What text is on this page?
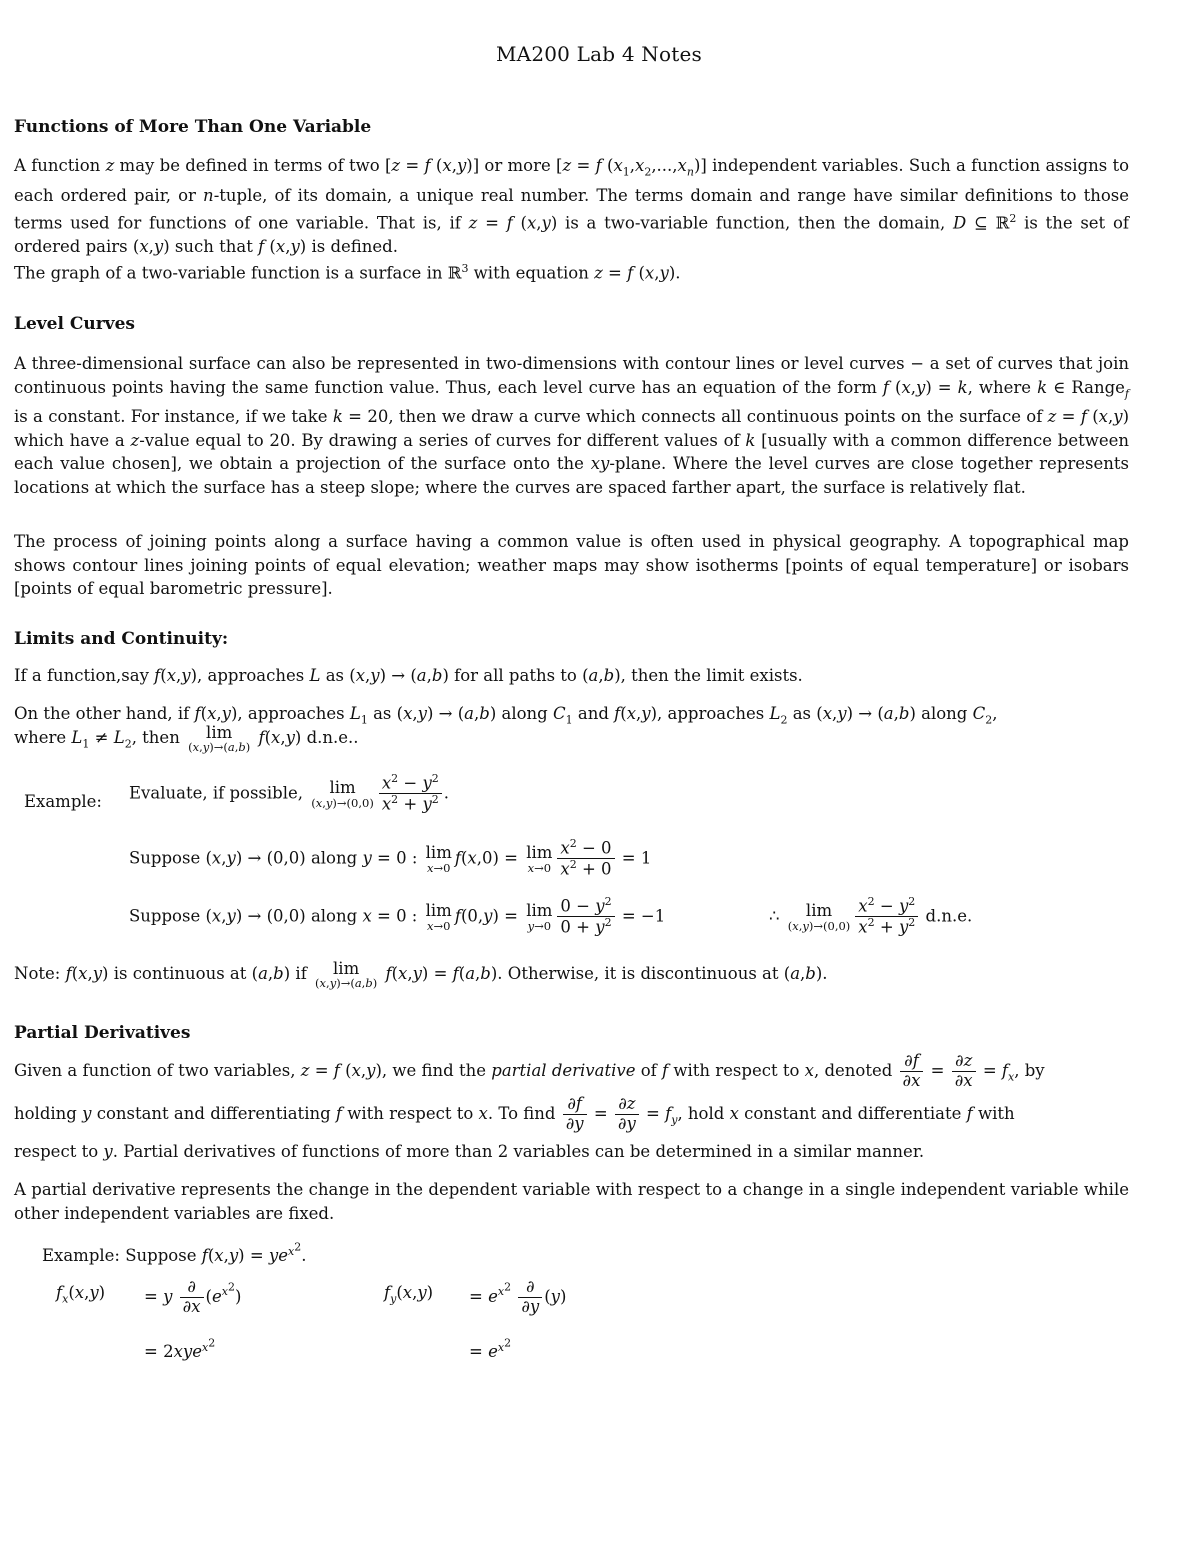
MA200 Lab 4 Notes
Functions of More Than One Variable
A function z may be defined in terms of two [z = f (x,y)] or more [z = f $(x_1,x_2,...,x_n)$] independent variables. Such a function assigns to each ordered pair, or n-tuple, of its domain, a unique real number. The terms domain and range have similar definitions to those terms used for functions of one variable. That is, if z = f (x,y) is a two-variable function, then the domain, D ⊆ ℝ$^2$ is the set of ordered pairs (x,y) such that f (x,y) is defined.
The graph of a two-variable function is a surface in ℝ$^3$ with equation z = f (x,y).
Level Curves
A three-dimensional surface can also be represented in two-dimensions with contour lines or level curves − a set of curves that join continuous points having the same function value. Thus, each level curve has an equation of the form f (x,y) = k, where k ∈ Range$_f$ is a constant. For instance, if we take k = 20, then we draw a curve which connects all continuous points on the surface of z = f (x,y) which have a z-value equal to 20. By drawing a series of curves for different values of k [usually with a common difference between each value chosen], we obtain a projection of the surface onto the xy-plane. Where the level curves are close together represents locations at which the surface has a steep slope; where the curves are spaced farther apart, the surface is relatively flat.
The process of joining points along a surface having a common value is often used in physical geography. A topographical map shows contour lines joining points of equal elevation; weather maps may show isotherms [points of equal temperature] or isobars [points of equal barometric pressure].
Limits and Continuity:
If a function,say f(x,y), approaches L as (x,y) → (a,b) for all paths to (a,b), then the limit exists.
On the other hand, if f(x,y), approaches $L_1$ as (x,y) → (a,b) along $C_1$ and f(x,y), approaches $L_2$ as (x,y) → (a,b) along $C_2$,
where $L_1 \ne L_2$, then lim
(x,y)→(a,b)
f(x,y) d.n.e..
Example: Evaluate, if possible, lim
$(x,y)\to(0,0) \frac{x^2 - y^2}{x^2 + y^2}$ .
Suppose (x,y) → (0,0) along y = 0 : lim
x→0
f(x,0) = lim
$x\to 0 \frac{x^2 - 0}{x^2 + 0} = 1$
Suppose (x,y) → (0,0) along x = 0 : lim
x→0
f(0,y) = lim
$y\to 0 \frac{0 - y^2}{0 + y^2} = -1$	∴ lim
$(x,y)\to(0,0) \frac{x^2 - y^2}{x^2 + y^2} d.n.e$.
Note: f(x,y) is continuous at (a,b) if lim
(x,y)→(a,b)
f(x,y) = f(a,b). Otherwise, it is discontinuous at (a,b).
Partial Derivatives
Given a function of two variables, z = f (x,y), we find the partial derivative of f with respect to x, denoted $\frac{\partial f}{\partial x} = \frac{\partial z}{\partial x} = f_x$, by
holding y constant and differentiating f with respect to x. To find $\frac{\partial f}{\partial y} = \frac{\partial z}{\partial y} = f_y$, hold x constant and differentiate f with
respect to y. Partial derivatives of functions of more than 2 variables can be determined in a similar manner.
A partial derivative represents the change in the dependent variable with respect to a change in a single independent variable while other independent variables are fixed.
Example: Suppose $f(x,y) = ye^{x^2}$.
$f_x(x,y) = y \frac{\partial}{\partial x} (e^{x^2})$
= 2xye$^{x^2}$
$f_y(x,y) = e^{x^2} \frac{\partial}{\partial y} (y)$
= $e^{x^2}$
